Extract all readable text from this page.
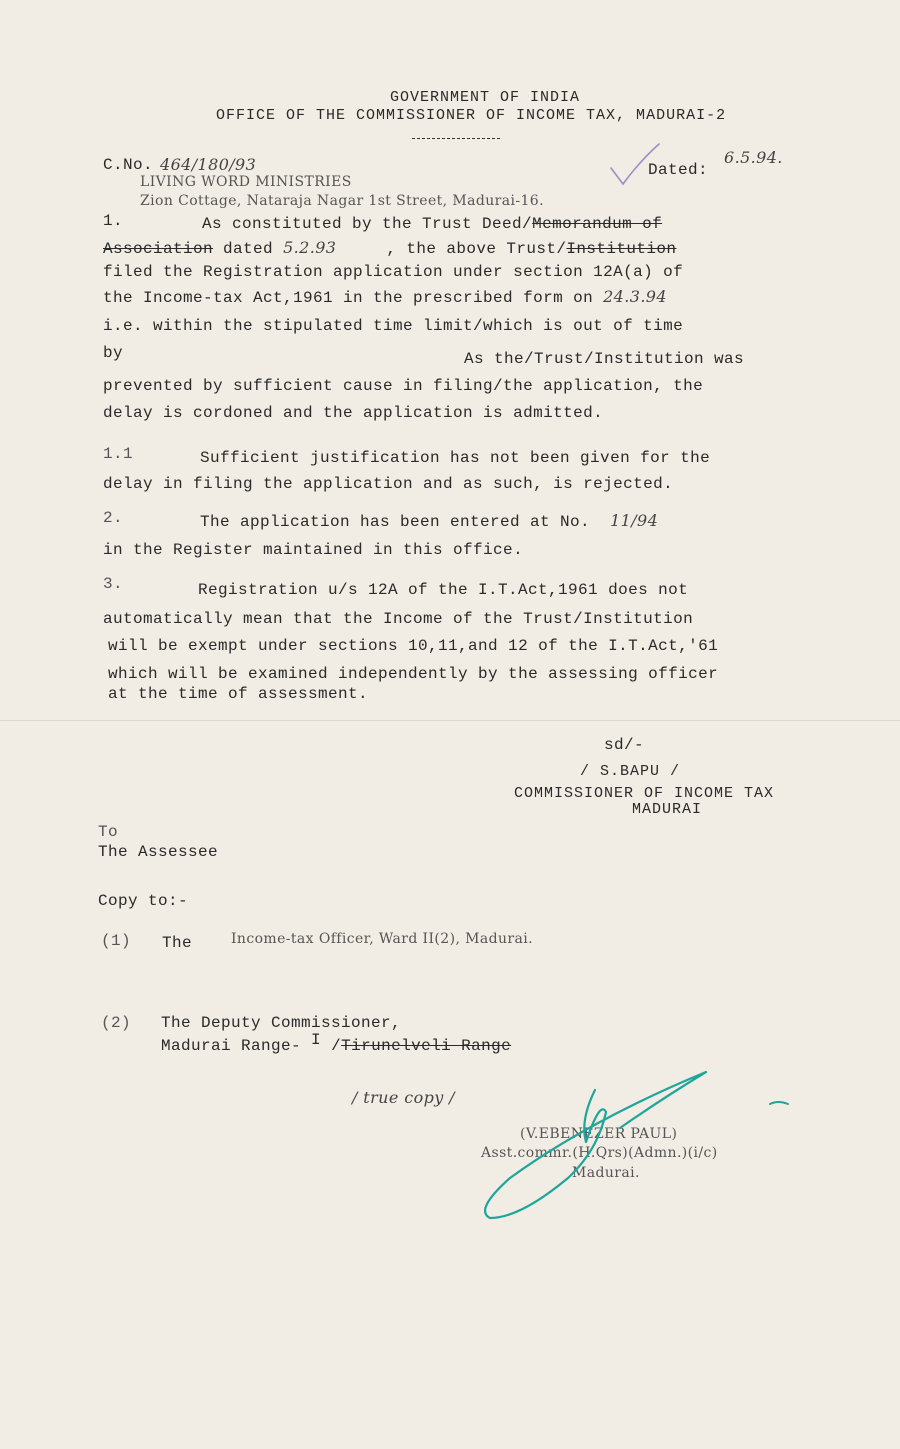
GOVERNMENT OF INDIA
OFFICE OF THE COMMISSIONER OF INCOME TAX, MADURAI-2
C.No. 464/180/93	Dated:
6.5.94.
LIVING WORD MINISTRIES
Zion Cottage, Nataraja Nagar 1st Street, Madurai-16.
1.	As constituted by the Trust Deed/Memorandum of
Association dated 5.2.93	, the above Trust/Institution
filed the Registration application under section 12A(a) of
the Income-tax Act,1961 in the prescribed form on 24.3.94
i.e. within the stipulated time limit/which is out of time
by	As the/Trust/Institution was
prevented by sufficient cause in filing/the application, the
delay is cordoned and the application is admitted.
1.1	Sufficient justification has not been given for the
delay in filing the application and as such, is rejected.
2.	The application has been entered at No. 11/94
in the Register maintained in this office.
3.	Registration u/s 12A of the I.T.Act,1961 does not
automatically mean that the Income of the Trust/Institution
will be exempt under sections 10,11,and 12 of the I.T.Act,'61
which will be examined independently by the assessing officer
at the time of assessment.
sd/-
/ S.BAPU /
COMMISSIONER OF INCOME TAX
MADURAI
To
The Assessee
Copy to:-
(1) The	Income-tax Officer, Ward II(2), Madurai.
(2) The Deputy Commissioner,
Madurai Range- I /Tirunelveli Range
/ true copy /
(V.EBENEZER PAUL)
Asst.commr.(H.Qrs)(Admn.)(i/c)
Madurai.
